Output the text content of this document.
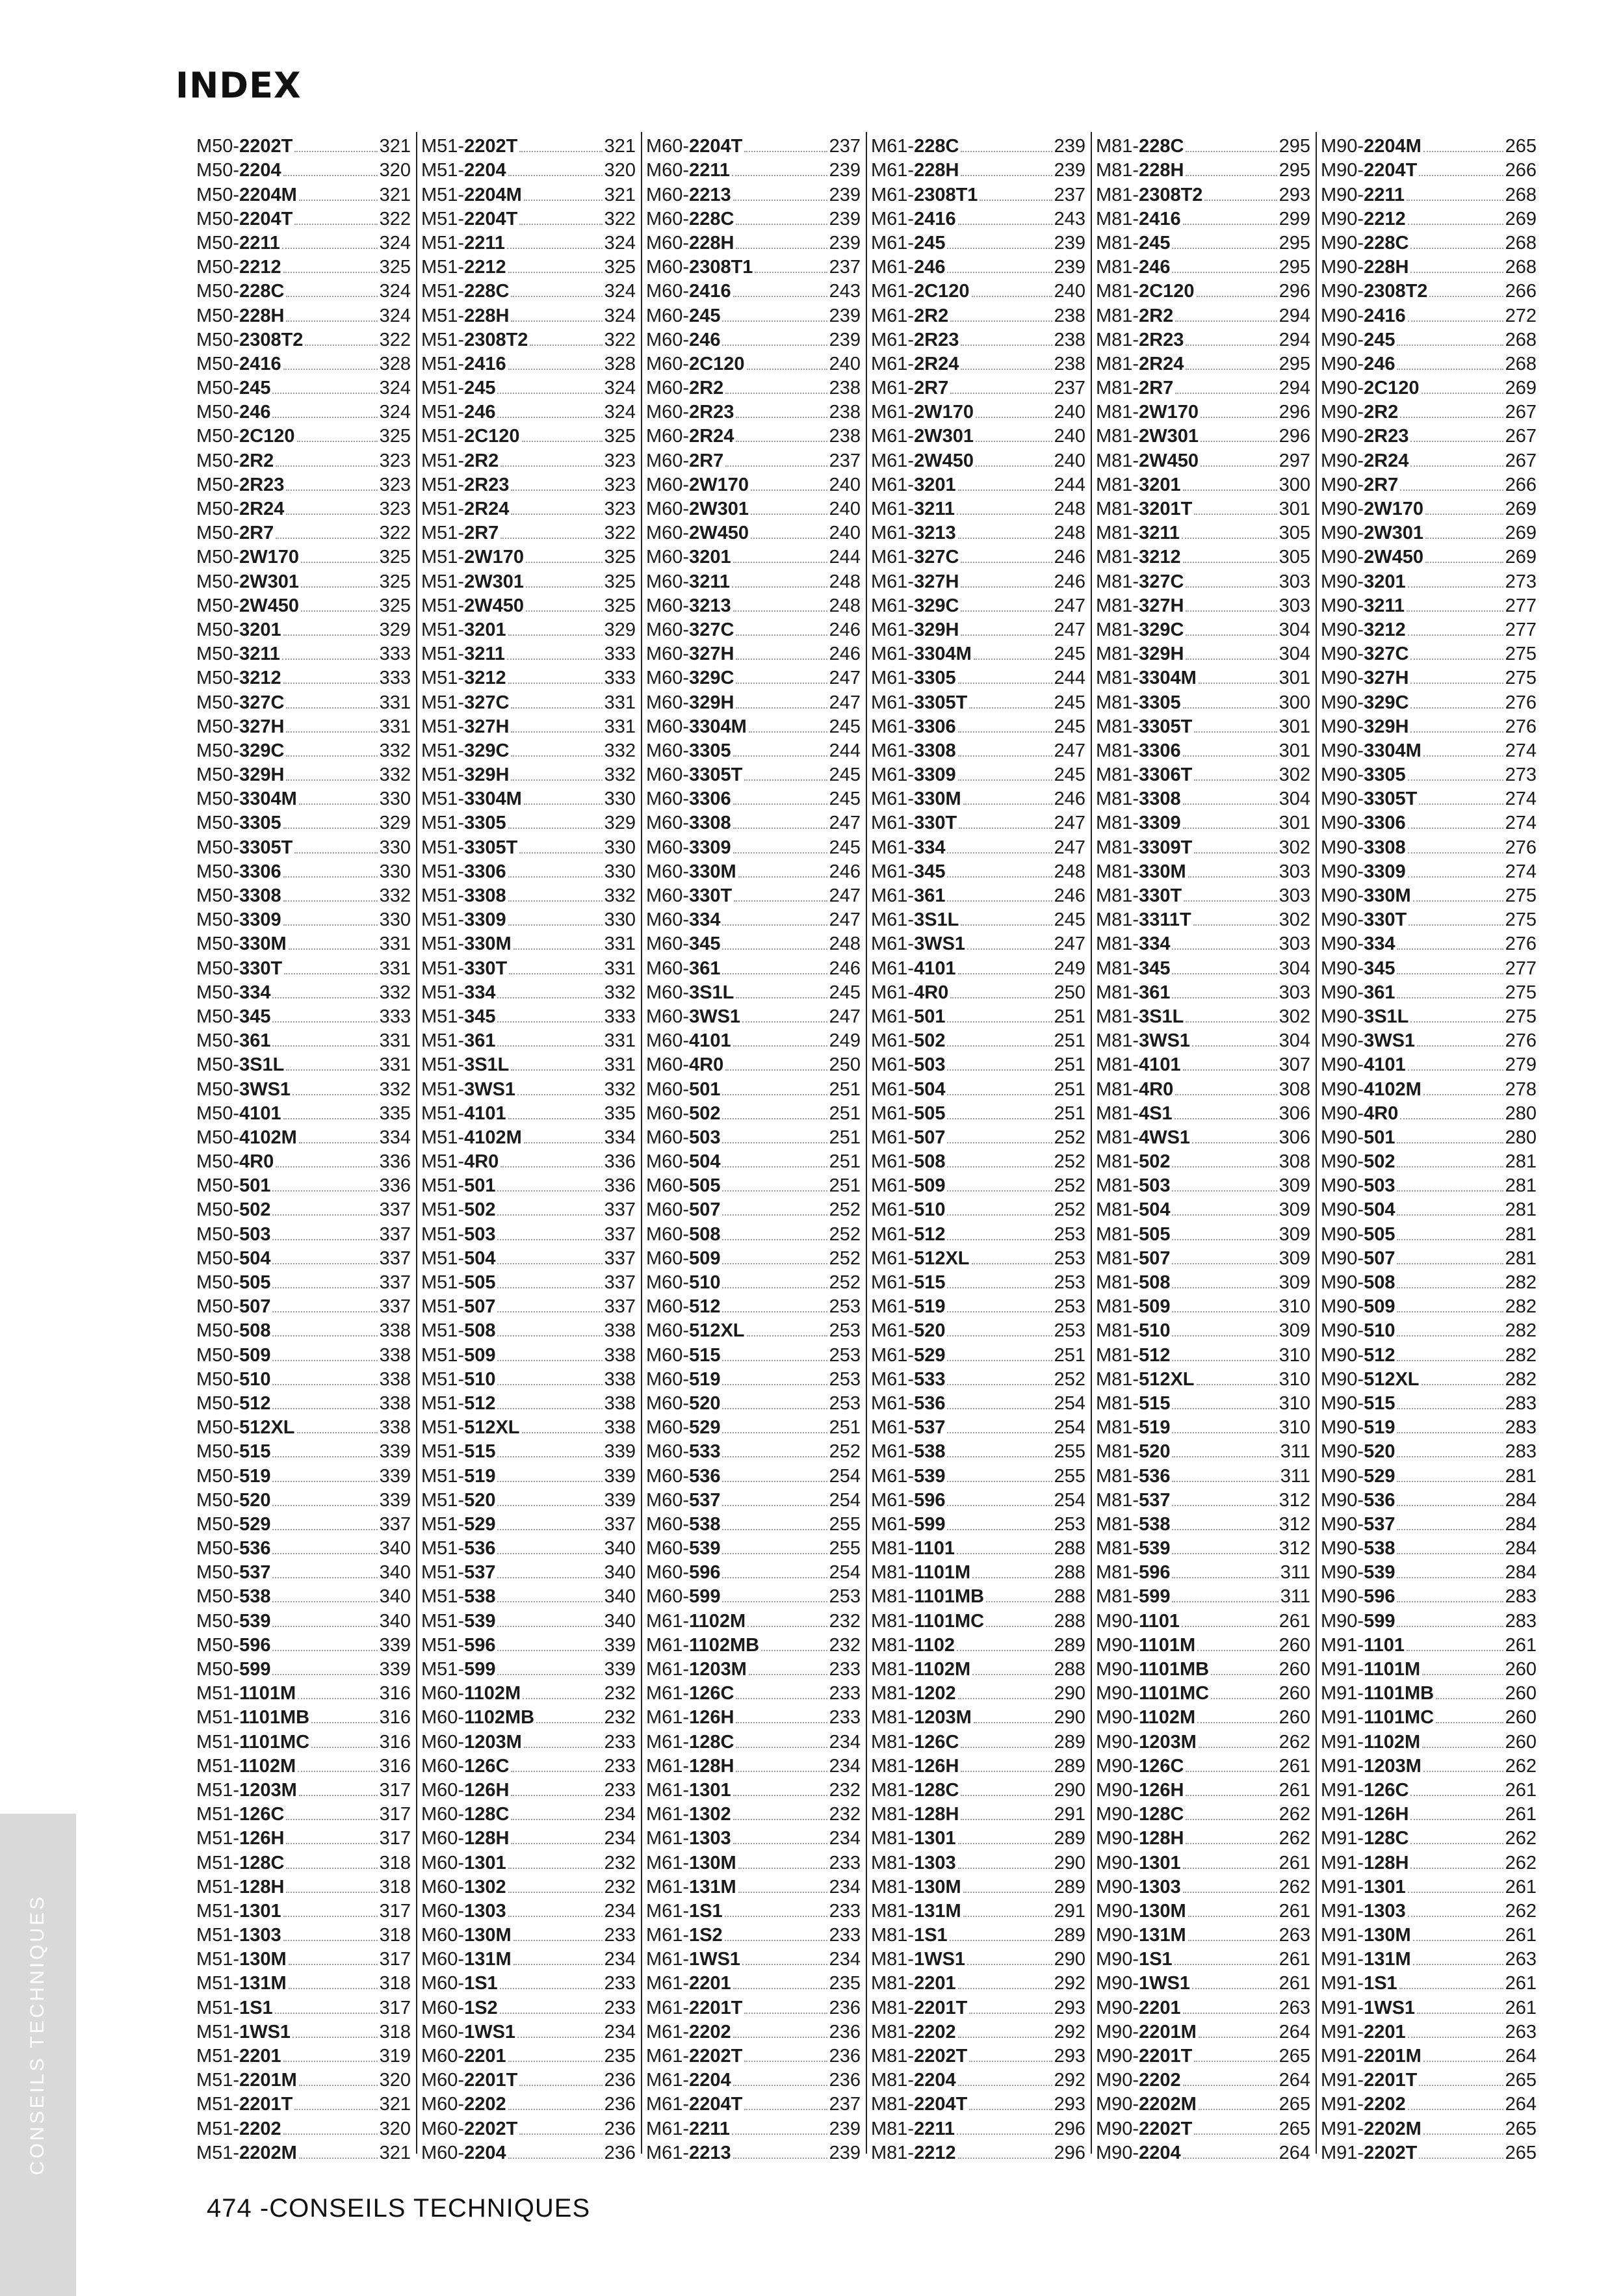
INDEX
M50-2202T	321
M50-2204	320
M50-2204M	321
M50-2204T	322
M50-2211	324
M50-2212	325
M50-228C	324
M50-228H	324
M50-2308T2	322
M50-2416	328
M50-245	324
M50-246	324
M50-2C120	325
M50-2R2	323
M50-2R23	323
M50-2R24	323
M50-2R7	322
M50-2W170	325
M50-2W301	325
M50-2W450	325
M50-3201	329
M50-3211	333
M50-3212	333
M50-327C	331
M50-327H	331
M50-329C	332
M50-329H	332
M50-3304M	330
M50-3305	329
M50-3305T	330
M50-3306	330
M50-3308	332
M50-3309	330
M50-330M	331
M50-330T	331
M50-334	332
M50-345	333
M50-361	331
M50-3S1L	331
M50-3WS1	332
M50-4101	335
M50-4102M	334
M50-4R0	336
M50-501	336
M50-502	337
M50-503	337
M50-504	337
M50-505	337
M50-507	337
M50-508	338
M50-509	338
M50-510	338
M50-512	338
M50-512XL	338
M50-515	339
M50-519	339
M50-520	339
M50-529	337
M50-536	340
M50-537	340
M50-538	340
M50-539	340
M50-596	339
M50-599	339
M51-1101M	316
M51-1101MB	316
M51-1101MC	316
M51-1102M	316
M51-1203M	317
M51-126C	317
M51-126H	317
M51-128C	318
M51-128H	318
M51-1301	317
M51-1303	318
M51-130M	317
M51-131M	318
M51-1S1	317
M51-1WS1	318
M51-2201	319
M51-2201M	320
M51-2201T	321
M51-2202	320
M51-2202M	321
M51-2202T	321
M51-2204	320
M51-2204M	321
M51-2204T	322
M51-2211	324
M51-2212	325
M51-228C	324
M51-228H	324
M51-2308T2	322
M51-2416	328
M51-245	324
M51-246	324
M51-2C120	325
M51-2R2	323
M51-2R23	323
M51-2R24	323
M51-2R7	322
M51-2W170	325
M51-2W301	325
M51-2W450	325
M51-3201	329
M51-3211	333
M51-3212	333
M51-327C	331
M51-327H	331
M51-329C	332
M51-329H	332
M51-3304M	330
M51-3305	329
M51-3305T	330
M51-3306	330
M51-3308	332
M51-3309	330
M51-330M	331
M51-330T	331
M51-334	332
M51-345	333
M51-361	331
M51-3S1L	331
M51-3WS1	332
M51-4101	335
M51-4102M	334
M51-4R0	336
M51-501	336
M51-502	337
M51-503	337
M51-504	337
M51-505	337
M51-507	337
M51-508	338
M51-509	338
M51-510	338
M51-512	338
M51-512XL	338
M51-515	339
M51-519	339
M51-520	339
M51-529	337
M51-536	340
M51-537	340
M51-538	340
M51-539	340
M51-596	339
M51-599	339
M60-1102M	232
M60-1102MB	232
M60-1203M	233
M60-126C	233
M60-126H	233
M60-128C	234
M60-128H	234
M60-1301	232
M60-1302	232
M60-1303	234
M60-130M	233
M60-131M	234
M60-1S1	233
M60-1S2	233
M60-1WS1	234
M60-2201	235
M60-2201T	236
M60-2202	236
M60-2202T	236
M60-2204	236
M60-2204T	237
M60-2211	239
M60-2213	239
M60-228C	239
M60-228H	239
M60-2308T1	237
M60-2416	243
M60-245	239
M60-246	239
M60-2C120	240
M60-2R2	238
M60-2R23	238
M60-2R24	238
M60-2R7	237
M60-2W170	240
M60-2W301	240
M60-2W450	240
M60-3201	244
M60-3211	248
M60-3213	248
M60-327C	246
M60-327H	246
M60-329C	247
M60-329H	247
M60-3304M	245
M60-3305	244
M60-3305T	245
M60-3306	245
M60-3308	247
M60-3309	245
M60-330M	246
M60-330T	247
M60-334	247
M60-345	248
M60-361	246
M60-3S1L	245
M60-3WS1	247
M60-4101	249
M60-4R0	250
M60-501	251
M60-502	251
M60-503	251
M60-504	251
M60-505	251
M60-507	252
M60-508	252
M60-509	252
M60-510	252
M60-512	253
M60-512XL	253
M60-515	253
M60-519	253
M60-520	253
M60-529	251
M60-533	252
M60-536	254
M60-537	254
M60-538	255
M60-539	255
M60-596	254
M60-599	253
M61-1102M	232
M61-1102MB	232
M61-1203M	233
M61-126C	233
M61-126H	233
M61-128C	234
M61-128H	234
M61-1301	232
M61-1302	232
M61-1303	234
M61-130M	233
M61-131M	234
M61-1S1	233
M61-1S2	233
M61-1WS1	234
M61-2201	235
M61-2201T	236
M61-2202	236
M61-2202T	236
M61-2204	236
M61-2204T	237
M61-2211	239
M61-2213	239
M61-228C	239
M61-228H	239
M61-2308T1	237
M61-2416	243
M61-245	239
M61-246	239
M61-2C120	240
M61-2R2	238
M61-2R23	238
M61-2R24	238
M61-2R7	237
M61-2W170	240
M61-2W301	240
M61-2W450	240
M61-3201	244
M61-3211	248
M61-3213	248
M61-327C	246
M61-327H	246
M61-329C	247
M61-329H	247
M61-3304M	245
M61-3305	244
M61-3305T	245
M61-3306	245
M61-3308	247
M61-3309	245
M61-330M	246
M61-330T	247
M61-334	247
M61-345	248
M61-361	246
M61-3S1L	245
M61-3WS1	247
M61-4101	249
M61-4R0	250
M61-501	251
M61-502	251
M61-503	251
M61-504	251
M61-505	251
M61-507	252
M61-508	252
M61-509	252
M61-510	252
M61-512	253
M61-512XL	253
M61-515	253
M61-519	253
M61-520	253
M61-529	251
M61-533	252
M61-536	254
M61-537	254
M61-538	255
M61-539	255
M61-596	254
M61-599	253
M81-1101	288
M81-1101M	288
M81-1101MB	288
M81-1101MC	288
M81-1102	289
M81-1102M	288
M81-1202	290
M81-1203M	290
M81-126C	289
M81-126H	289
M81-128C	290
M81-128H	291
M81-1301	289
M81-1303	290
M81-130M	289
M81-131M	291
M81-1S1	289
M81-1WS1	290
M81-2201	292
M81-2201T	293
M81-2202	292
M81-2202T	293
M81-2204	292
M81-2204T	293
M81-2211	296
M81-2212	296
M81-228C	295
M81-228H	295
M81-2308T2	293
M81-2416	299
M81-245	295
M81-246	295
M81-2C120	296
M81-2R2	294
M81-2R23	294
M81-2R24	295
M81-2R7	294
M81-2W170	296
M81-2W301	296
M81-2W450	297
M81-3201	300
M81-3201T	301
M81-3211	305
M81-3212	305
M81-327C	303
M81-327H	303
M81-329C	304
M81-329H	304
M81-3304M	301
M81-3305	300
M81-3305T	301
M81-3306	301
M81-3306T	302
M81-3308	304
M81-3309	301
M81-3309T	302
M81-330M	303
M81-330T	303
M81-3311T	302
M81-334	303
M81-345	304
M81-361	303
M81-3S1L	302
M81-3WS1	304
M81-4101	307
M81-4R0	308
M81-4S1	306
M81-4WS1	306
M81-502	308
M81-503	309
M81-504	309
M81-505	309
M81-507	309
M81-508	309
M81-509	310
M81-510	309
M81-512	310
M81-512XL	310
M81-515	310
M81-519	310
M81-520	311
M81-536	311
M81-537	312
M81-538	312
M81-539	312
M81-596	311
M81-599	311
M90-1101	261
M90-1101M	260
M90-1101MB	260
M90-1101MC	260
M90-1102M	260
M90-1203M	262
M90-126C	261
M90-126H	261
M90-128C	262
M90-128H	262
M90-1301	261
M90-1303	262
M90-130M	261
M90-131M	263
M90-1S1	261
M90-1WS1	261
M90-2201	263
M90-2201M	264
M90-2201T	265
M90-2202	264
M90-2202M	265
M90-2202T	265
M90-2204	264
M90-2204M	265
M90-2204T	266
M90-2211	268
M90-2212	269
M90-228C	268
M90-228H	268
M90-2308T2	266
M90-2416	272
M90-245	268
M90-246	268
M90-2C120	269
M90-2R2	267
M90-2R23	267
M90-2R24	267
M90-2R7	266
M90-2W170	269
M90-2W301	269
M90-2W450	269
M90-3201	273
M90-3211	277
M90-3212	277
M90-327C	275
M90-327H	275
M90-329C	276
M90-329H	276
M90-3304M	274
M90-3305	273
M90-3305T	274
M90-3306	274
M90-3308	276
M90-3309	274
M90-330M	275
M90-330T	275
M90-334	276
M90-345	277
M90-361	275
M90-3S1L	275
M90-3WS1	276
M90-4101	279
M90-4102M	278
M90-4R0	280
M90-501	280
M90-502	281
M90-503	281
M90-504	281
M90-505	281
M90-507	281
M90-508	282
M90-509	282
M90-510	282
M90-512	282
M90-512XL	282
M90-515	283
M90-519	283
M90-520	283
M90-529	281
M90-536	284
M90-537	284
M90-538	284
M90-539	284
M90-596	283
M90-599	283
M91-1101	261
M91-1101M	260
M91-1101MB	260
M91-1101MC	260
M91-1102M	260
M91-1203M	262
M91-126C	261
M91-126H	261
M91-128C	262
M91-128H	262
M91-1301	261
M91-1303	262
M91-130M	261
M91-131M	263
M91-1S1	261
M91-1WS1	261
M91-2201	263
M91-2201M	264
M91-2201T	265
M91-2202	264
M91-2202M	265
M91-2202T	265
CONSEILS TECHNIQUES
474 -CONSEILS TECHNIQUES
